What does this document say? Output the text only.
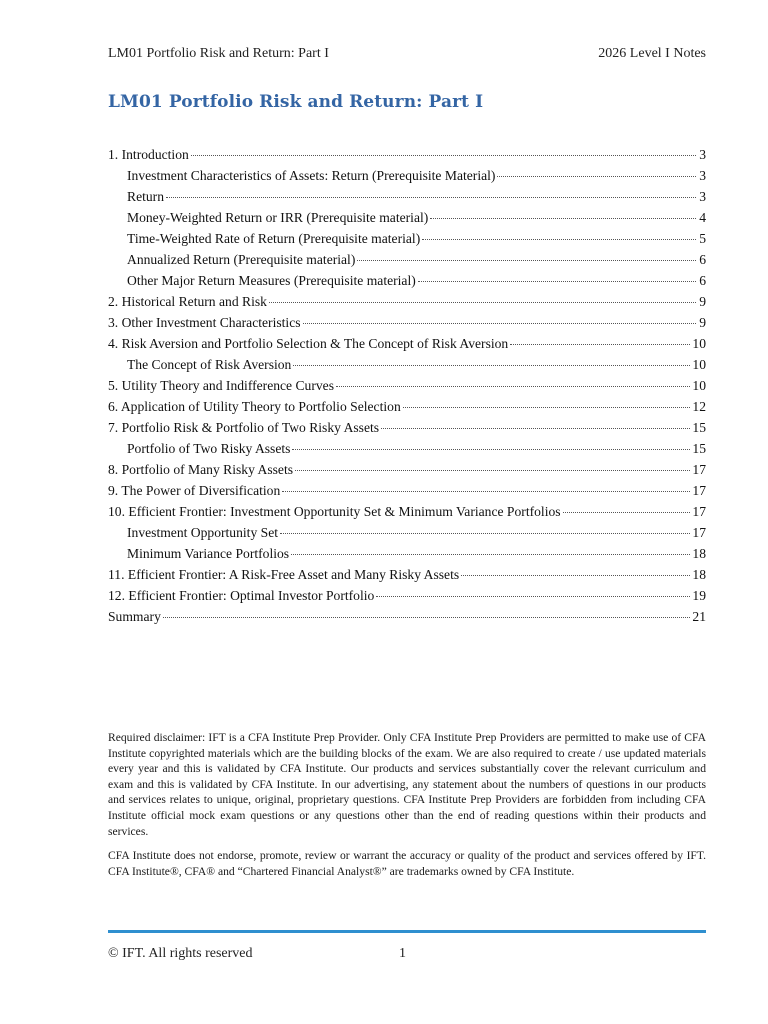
LM01 Portfolio Risk and Return: Part I	2026 Level I Notes
LM01 Portfolio Risk and Return: Part I
1. Introduction	3
Investment Characteristics of Assets: Return (Prerequisite Material)	3
Return	3
Money-Weighted Return or IRR (Prerequisite material)	4
Time-Weighted Rate of Return (Prerequisite material)	5
Annualized Return (Prerequisite material)	6
Other Major Return Measures (Prerequisite material)	6
2. Historical Return and Risk	9
3. Other Investment Characteristics	9
4. Risk Aversion and Portfolio Selection & The Concept of Risk Aversion	10
The Concept of Risk Aversion	10
5. Utility Theory and Indifference Curves	10
6. Application of Utility Theory to Portfolio Selection	12
7. Portfolio Risk & Portfolio of Two Risky Assets	15
Portfolio of Two Risky Assets	15
8. Portfolio of Many Risky Assets	17
9. The Power of Diversification	17
10. Efficient Frontier: Investment Opportunity Set & Minimum Variance Portfolios	17
Investment Opportunity Set	17
Minimum Variance Portfolios	18
11. Efficient Frontier: A Risk-Free Asset and Many Risky Assets	18
12. Efficient Frontier: Optimal Investor Portfolio	19
Summary	21

Required disclaimer: IFT is a CFA Institute Prep Provider. Only CFA Institute Prep Providers are permitted to make use of CFA Institute copyrighted materials which are the building blocks of the exam. We are also required to create / use updated materials every year and this is validated by CFA Institute. Our products and services substantially cover the relevant curriculum and exam and this is validated by CFA Institute. In our advertising, any statement about the numbers of questions in our products and services relates to unique, original, proprietary questions. CFA Institute Prep Providers are forbidden from including CFA Institute official mock exam questions or any questions other than the end of reading questions within their products and services.

CFA Institute does not endorse, promote, review or warrant the accuracy or quality of the product and services offered by IFT. CFA Institute®, CFA® and “Chartered Financial Analyst®” are trademarks owned by CFA Institute.

© IFT. All rights reserved	1
